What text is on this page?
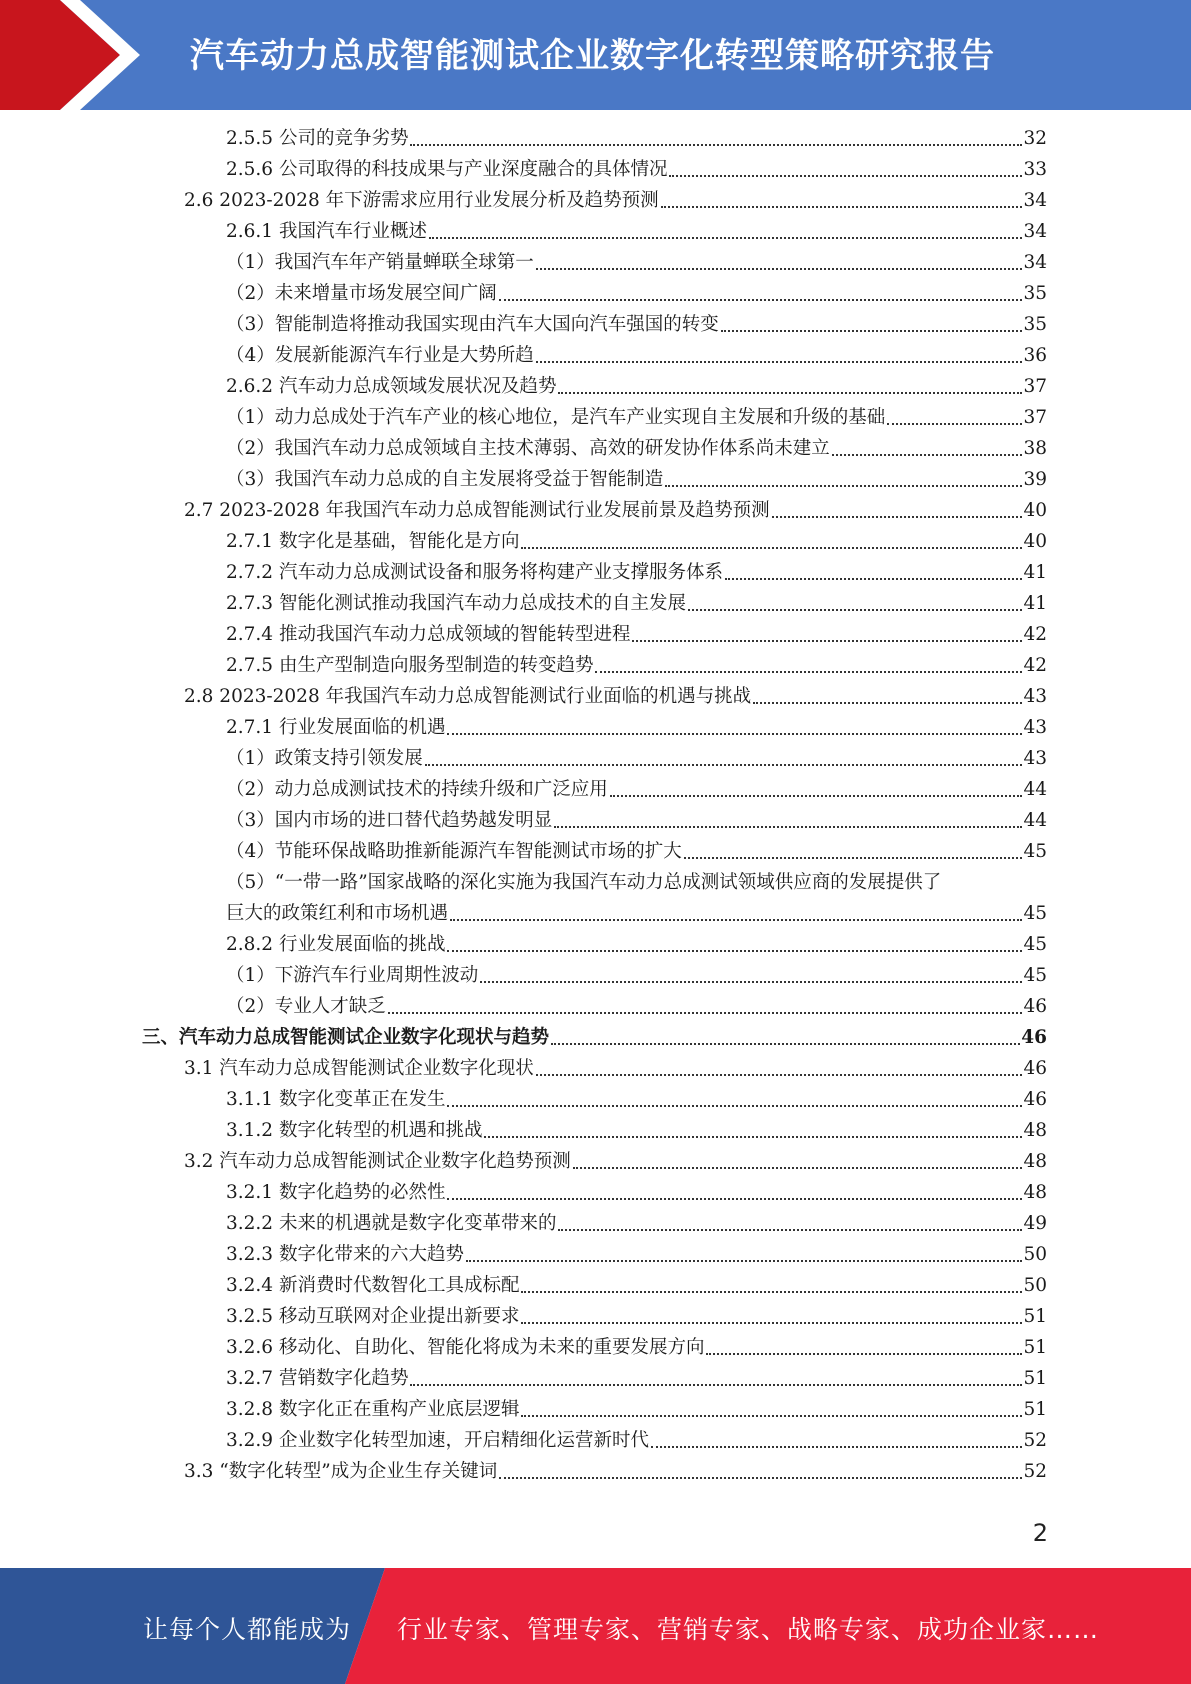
汽车动力总成智能测试企业数字化转型策略研究报告
2.5.5 公司的竞争劣势	32
2.5.6 公司取得的科技成果与产业深度融合的具体情况	33
2.6 2023-2028 年下游需求应用行业发展分析及趋势预测	34
2.6.1 我国汽车行业概述	34
（1）我国汽车年产销量蝉联全球第一	34
（2）未来增量市场发展空间广阔	35
（3）智能制造将推动我国实现由汽车大国向汽车强国的转变	35
（4）发展新能源汽车行业是大势所趋	36
2.6.2 汽车动力总成领域发展状况及趋势	37
（1）动力总成处于汽车产业的核心地位，是汽车产业实现自主发展和升级的基础	37
（2）我国汽车动力总成领域自主技术薄弱、高效的研发协作体系尚未建立	38
（3）我国汽车动力总成的自主发展将受益于智能制造	39
2.7 2023-2028 年我国汽车动力总成智能测试行业发展前景及趋势预测	40
2.7.1 数字化是基础，智能化是方向	40
2.7.2 汽车动力总成测试设备和服务将构建产业支撑服务体系	41
2.7.3 智能化测试推动我国汽车动力总成技术的自主发展	41
2.7.4 推动我国汽车动力总成领域的智能转型进程	42
2.7.5 由生产型制造向服务型制造的转变趋势	42
2.8 2023-2028 年我国汽车动力总成智能测试行业面临的机遇与挑战	43
2.7.1 行业发展面临的机遇	43
（1）政策支持引领发展	43
（2）动力总成测试技术的持续升级和广泛应用	44
（3）国内市场的进口替代趋势越发明显	44
（4）节能环保战略助推新能源汽车智能测试市场的扩大	45
（5）“一带一路”国家战略的深化实施为我国汽车动力总成测试领域供应商的发展提供了
巨大的政策红利和市场机遇	45
2.8.2 行业发展面临的挑战	45
（1）下游汽车行业周期性波动	45
（2）专业人才缺乏	46
三、汽车动力总成智能测试企业数字化现状与趋势	46
3.1 汽车动力总成智能测试企业数字化现状	46
3.1.1 数字化变革正在发生	46
3.1.2 数字化转型的机遇和挑战	48
3.2 汽车动力总成智能测试企业数字化趋势预测	48
3.2.1 数字化趋势的必然性	48
3.2.2 未来的机遇就是数字化变革带来的	49
3.2.3 数字化带来的六大趋势	50
3.2.4 新消费时代数智化工具成标配	50
3.2.5 移动互联网对企业提出新要求	51
3.2.6 移动化、自助化、智能化将成为未来的重要发展方向	51
3.2.7 营销数字化趋势	51
3.2.8 数字化正在重构产业底层逻辑	51
3.2.9 企业数字化转型加速，开启精细化运营新时代	52
3.3 “数字化转型”成为企业生存关键词	52
2
让每个人都能成为 行业专家、管理专家、营销专家、战略专家、成功企业家……
